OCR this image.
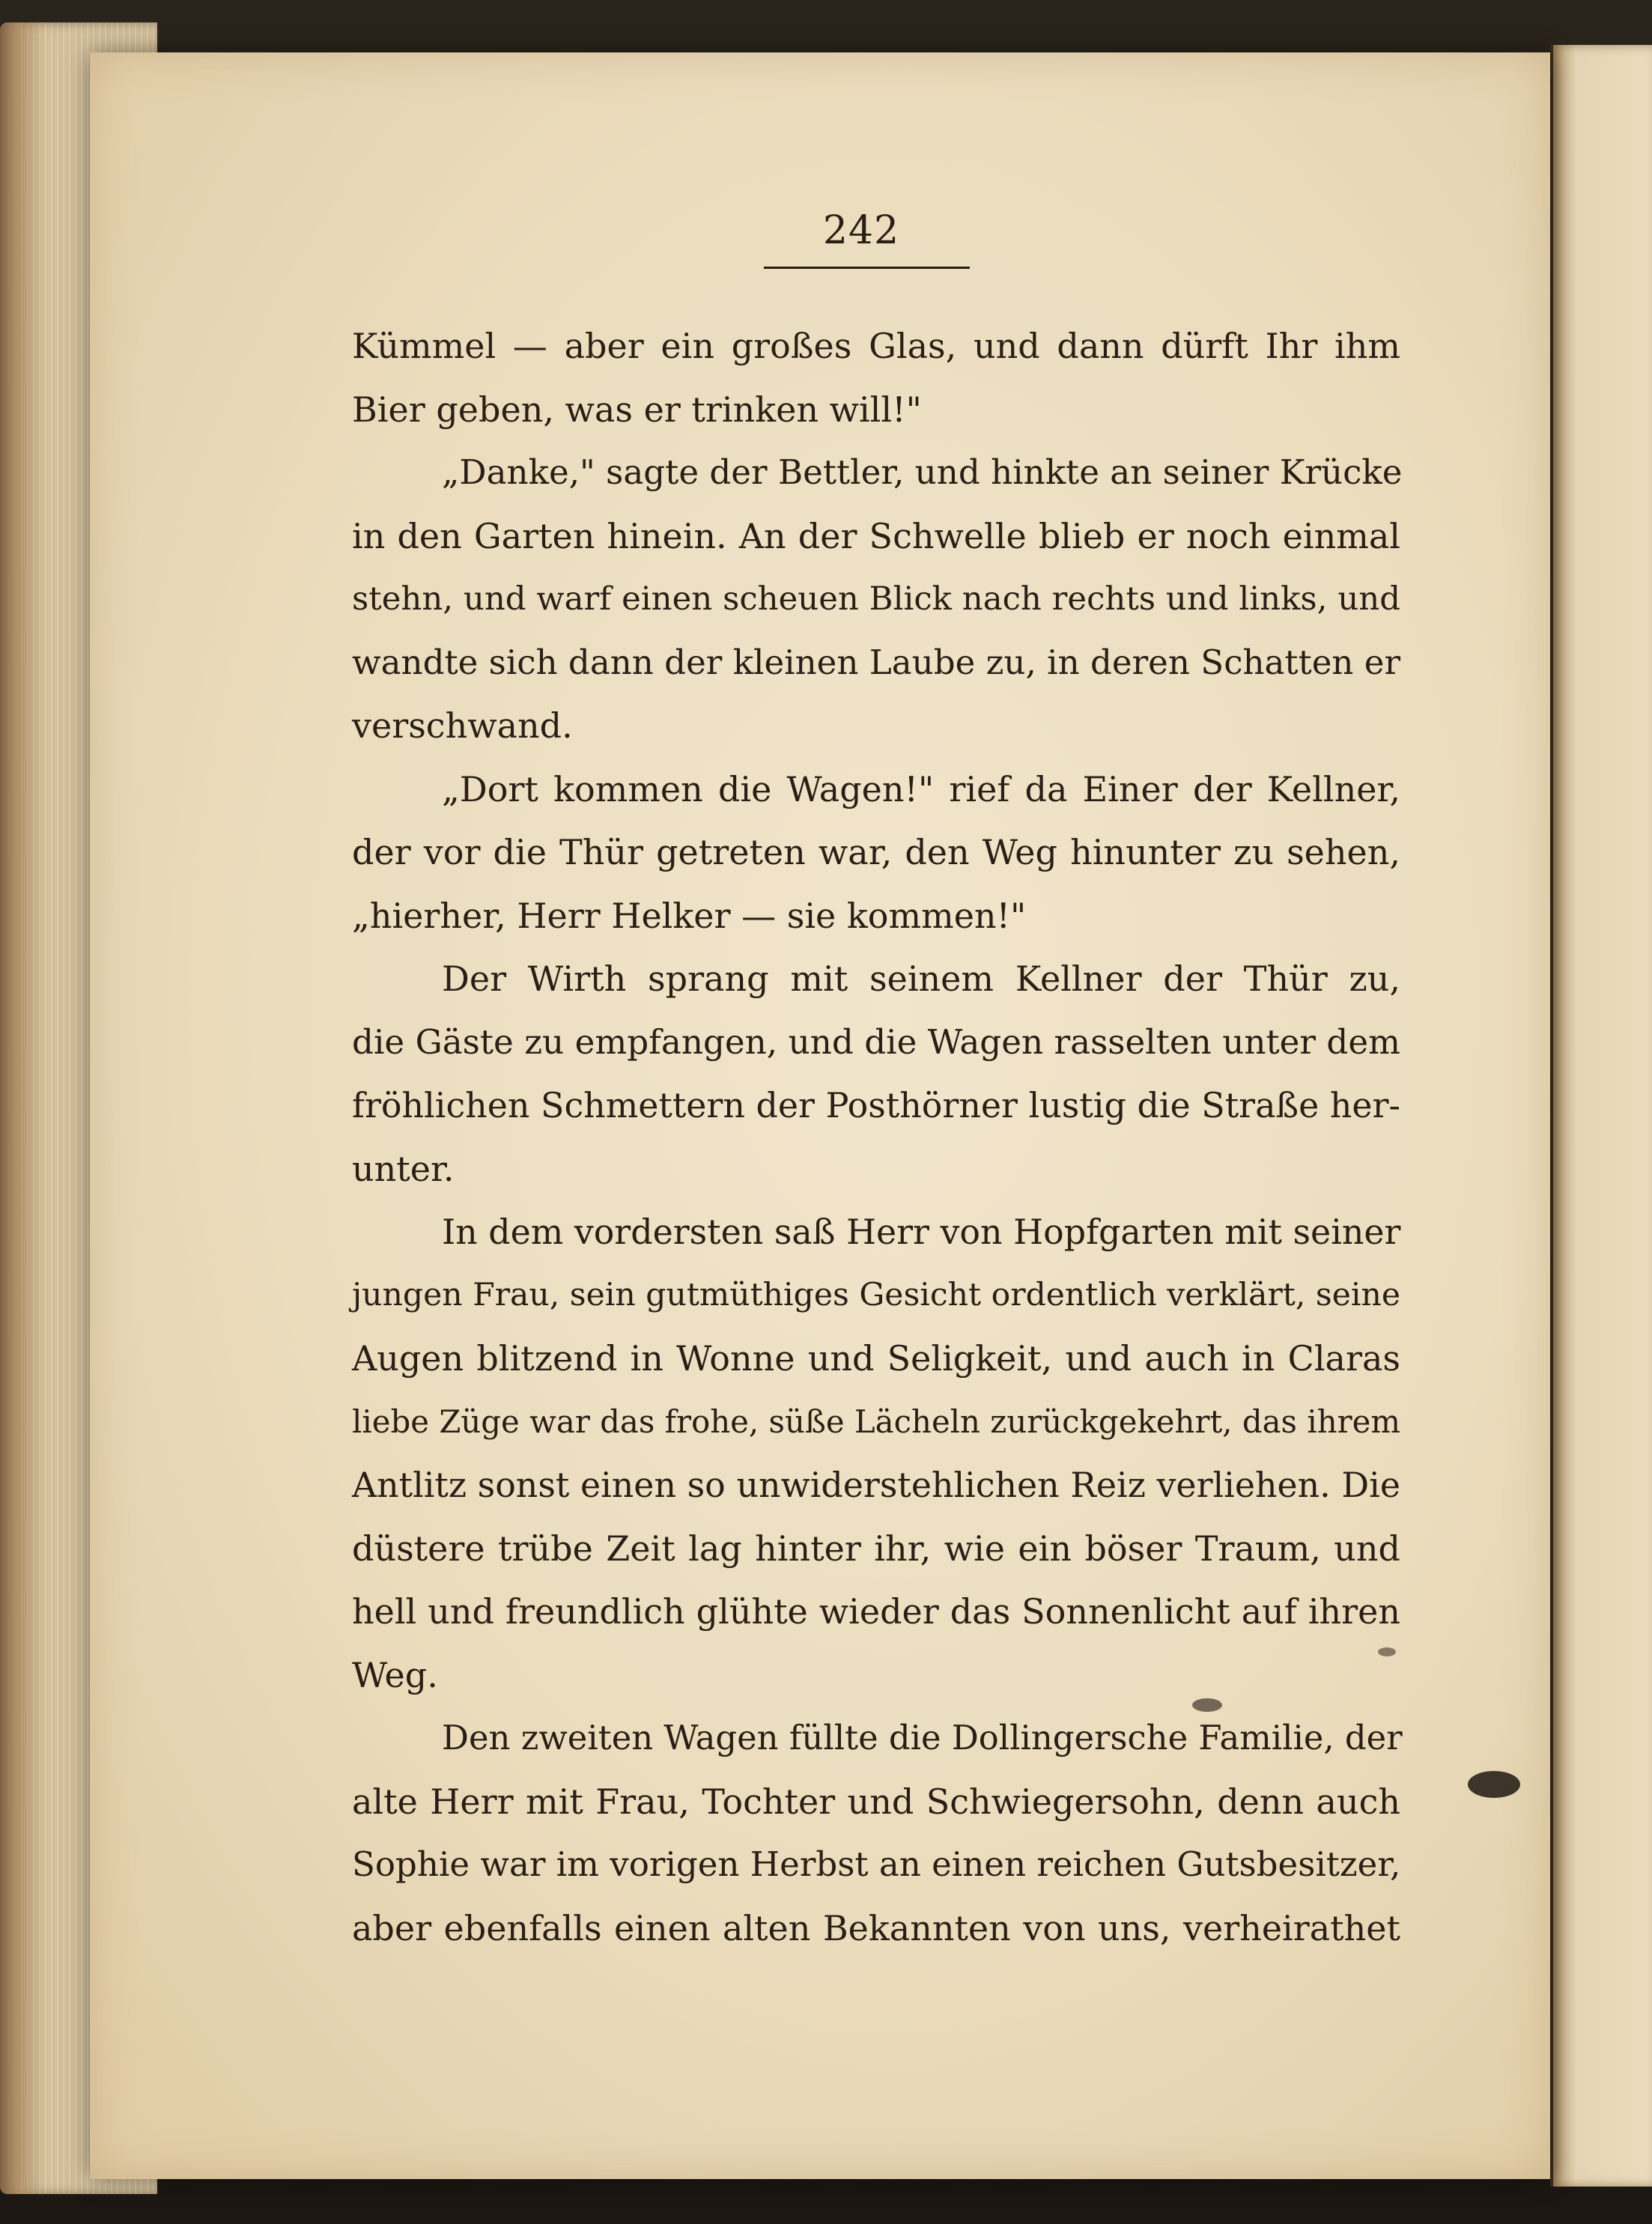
242

Kümmel — aber ein großes Glas, und dann dürft Ihr ihm
Bier geben, was er trinken will!"

„Danke," sagte der Bettler, und hinkte an seiner Krücke
in den Garten hinein. An der Schwelle blieb er noch einmal
stehn, und warf einen scheuen Blick nach rechts und links, und
wandte sich dann der kleinen Laube zu, in deren Schatten er
verschwand.

„Dort kommen die Wagen!" rief da Einer der Kellner,
der vor die Thür getreten war, den Weg hinunter zu sehen,
„hierher, Herr Helker — sie kommen!"

Der Wirth sprang mit seinem Kellner der Thür zu,
die Gäste zu empfangen, und die Wagen rasselten unter dem
fröhlichen Schmettern der Posthörner lustig die Straße her-
unter.

In dem vordersten saß Herr von Hopfgarten mit seiner
jungen Frau, sein gutmüthiges Gesicht ordentlich verklärt, seine
Augen blitzend in Wonne und Seligkeit, und auch in Claras
liebe Züge war das frohe, süße Lächeln zurückgekehrt, das ihrem
Antlitz sonst einen so unwiderstehlichen Reiz verliehen. Die
düstere trübe Zeit lag hinter ihr, wie ein böser Traum, und
hell und freundlich glühte wieder das Sonnenlicht auf ihren
Weg.

Den zweiten Wagen füllte die Dollingersche Familie, der
alte Herr mit Frau, Tochter und Schwiegersohn, denn auch
Sophie war im vorigen Herbst an einen reichen Gutsbesitzer,
aber ebenfalls einen alten Bekannten von uns, verheirathet
